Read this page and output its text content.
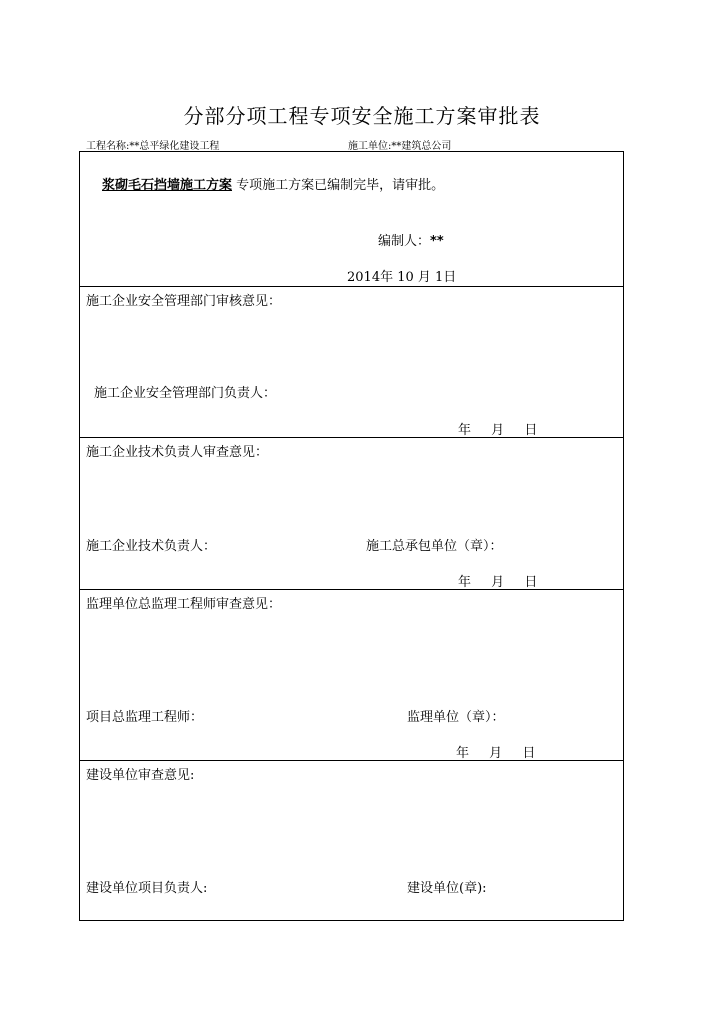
分部分项工程专项安全施工方案审批表
工程名称:**总平绿化建设工程	施工单位:**建筑总公司
浆砌毛石挡墙施工方案 专项施工方案已编制完毕，请审批。
编制人：**
2014年 10 月 1日
施工企业安全管理部门审核意见：
施工企业安全管理部门负责人：
年 月 日
施工企业技术负责人审查意见：
施工企业技术负责人：	施工总承包单位（章）：
年 月 日
监理单位总监理工程师审查意见：
项目总监理工程师：	监理单位（章）：
年 月 日
建设单位审查意见:
建设单位项目负责人:	建设单位(章):
